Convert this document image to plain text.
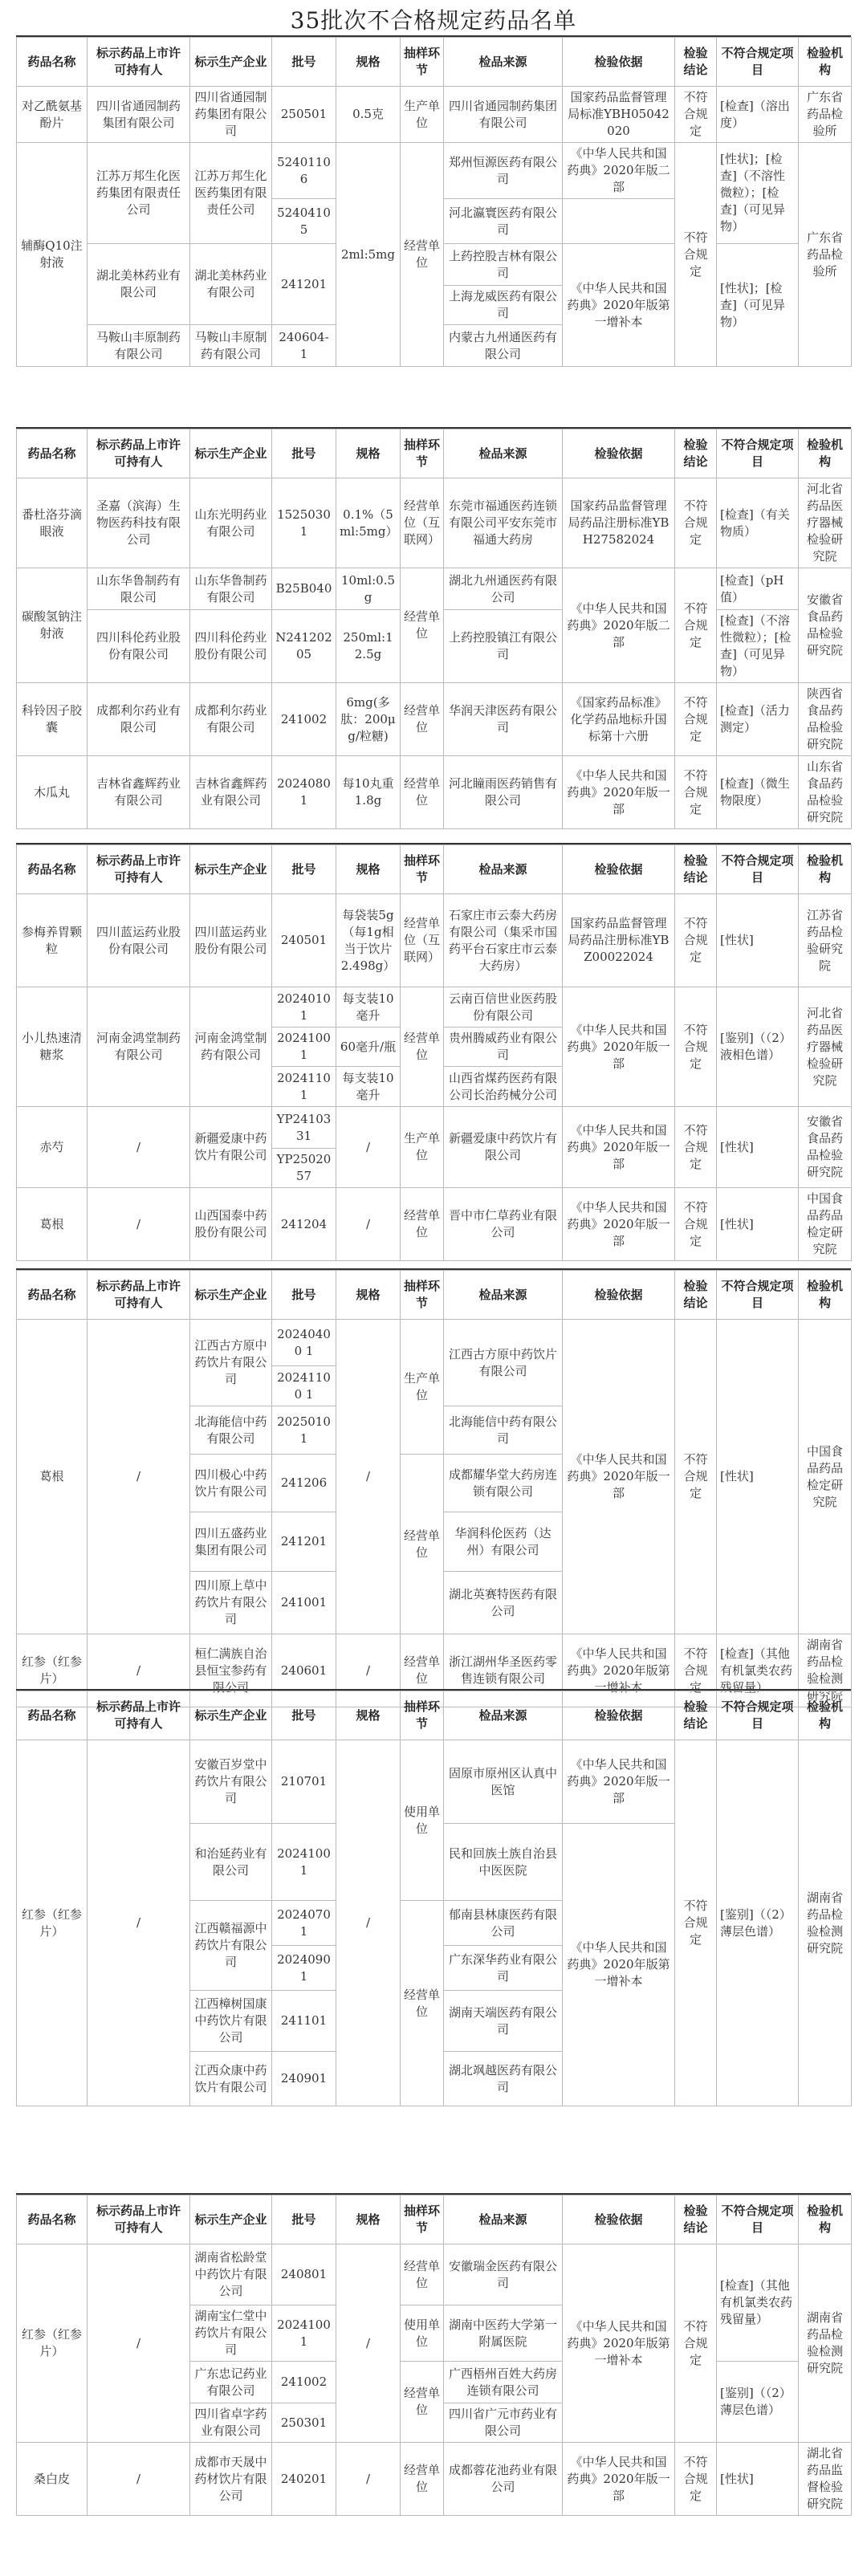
35批次不合格规定药品名单
药品名称	标示药品上市许可持有人	标示生产企业	批号	规格	抽样环节	检品来源	检验依据	检验结论	不符合规定项目	检验机构
对乙酰氨基酚片	四川省通园制药集团有限公司	四川省通园制药集团有限公司	250501	0.5克	生产单位	四川省通园制药集团有限公司	国家药品监督管理局标准YBH05042020	不符合规定	[检查]（溶出度）	广东省药品检验所
辅酶Q10注射液	江苏万邦生化医药集团有限责任公司	江苏万邦生化医药集团有限责任公司	52401106	2ml:5mg	经营单位	郑州恒源医药有限公司	《中华人民共和国药典》2020年版二部	不符合规定	[性状]；[检查]（不溶性微粒）；[检查]（可见异物）	广东省药品检验所
			52404105			河北瀛寰医药有限公司				
	湖北美林药业有限公司	湖北美林药业有限公司	241201			上药控股吉林有限公司	《中华人民共和国药典》2020年版第一增补本		[性状]；[检查]（可见异物）	
						上海龙威医药有限公司				
	马鞍山丰原制药有限公司	马鞍山丰原制药有限公司	240604-1			内蒙古九州通医药有限公司				
药品名称	标示药品上市许可持有人	标示生产企业	批号	规格	抽样环节	检品来源	检验依据	检验结论	不符合规定项目	检验机构
番杜洛芬滴眼液	圣嘉（滨海）生物医药科技有限公司	山东光明药业有限公司	15250301	0.1%（5ml:5mg）	经营单位（互联网）	东莞市福通医药连锁有限公司平安东莞市福通大药房	国家药品监督管理局药品注册标准YBH27582024	不符合规定	[检查]（有关物质）	河北省药品医疗器械检验研究院
碳酸氢钠注射液	山东华鲁制药有限公司	山东华鲁制药有限公司	B25B040	10ml:0.5g	经营单位	湖北九州通医药有限公司	《中华人民共和国药典》2020年版二部	不符合规定	[检查]（pH值）	安徽省食品药品检验研究院
	四川科伦药业股份有限公司	四川科伦药业股份有限公司	N24120205	250ml:12.5g		上药控股镇江有限公司			[检查]（不溶性微粒）；[检查]（可见异物）	
科铃因子胶囊	成都利尔药业有限公司	成都利尔药业有限公司	241002	6mg(多肽：200μg/粒糖)	经营单位	华润天津医药有限公司	《国家药品标准》化学药品地标升国标第十六册	不符合规定	[检查]（活力测定）	陕西省食品药品检验研究院
木瓜丸	吉林省鑫辉药业有限公司	吉林省鑫辉药业有限公司	20240801	每10丸重1.8g	经营单位	河北瞳雨医药销售有限公司	《中华人民共和国药典》2020年版一部	不符合规定	[检查]（微生物限度）	山东省食品药品检验研究院
药品名称	标示药品上市许可持有人	标示生产企业	批号	规格	抽样环节	检品来源	检验依据	检验结论	不符合规定项目	检验机构
参梅养胃颗粒	四川蓝运药业股份有限公司	四川蓝运药业股份有限公司	240501	每袋装5g（每1g相当于饮片2.498g）	经营单位（互联网）	石家庄市云泰大药房有限公司（集采市国药平台石家庄市云泰大药房）	国家药品监督管理局药品注册标准YBZ00022024	不符合规定	[性状]	江苏省药品检验研究院
小儿热速清糖浆	河南金鸿堂制药有限公司	河南金鸿堂制药有限公司	20240101	每支装10毫升	经营单位	云南百信世业医药股份有限公司	《中华人民共和国药典》2020年版一部	不符合规定	[鉴别]（（2）液相色谱）	河北省药品医疗器械检验研究院
			20241001	60毫升/瓶		贵州腾威药业有限公司				
			20241101	每支装10毫升		山西省煤药医药有限公司长治药械分公司				
赤芍	/	新疆爱康中药饮片有限公司	YP2410331	/	生产单位	新疆爱康中药饮片有限公司	《中华人民共和国药典》2020年版一部	不符合规定	[性状]	安徽省食品药品检验研究院
			YP2502057							
葛根	/	山西国泰中药股份有限公司	241204	/	经营单位	晋中市仁草药业有限公司	《中华人民共和国药典》2020年版一部	不符合规定	[性状]	中国食品药品检定研究院
药品名称	标示药品上市许可持有人	标示生产企业	批号	规格	抽样环节	检品来源	检验依据	检验结论	不符合规定项目	检验机构
葛根	/	江西古方原中药饮片有限公司	20240400 1	/	生产单位	江西古方原中药饮片有限公司	《中华人民共和国药典》2020年版一部	不符合规定	[性状]	中国食品药品检定研究院
			20241100 1							
		北海能信中药有限公司	20250101			北海能信中药有限公司				
		四川极心中药饮片有限公司	241206		经营单位	成都耀华堂大药房连锁有限公司				
		四川五盛药业集团有限公司	241201			华润科伦医药（达州）有限公司				
		四川原上草中药饮片有限公司	241001			湖北英赛特医药有限公司				
红参（红参片）	/	桓仁满族自治县恒宝参药有限公司	240601	/	经营单位	浙江湖州华圣医药零售连锁有限公司	《中华人民共和国药典》2020年版第一增补本	不符合规定	[检查]（其他有机氯类农药残留量）	湖南省药品检验检测研究院
药品名称	标示药品上市许可持有人	标示生产企业	批号	规格	抽样环节	检品来源	检验依据	检验结论	不符合规定项目	检验机构
红参（红参片）	/	安徽百岁堂中药饮片有限公司	210701	/	使用单位	固原市原州区认真中医馆	《中华人民共和国药典》2020年版一部	不符合规定	[鉴别]（（2）薄层色谱）	湖南省药品检验检测研究院
		和治延药业有限公司	20241001			民和回族土族自治县中医医院	《中华人民共和国药典》2020年版第一增补本			
		江西赣福源中药饮片有限公司	20240701		经营单位	郁南县林康医药有限公司				
			20240901			广东深华药业有限公司				
		江西樟树国康中药饮片有限公司	241101			湖南天端医药有限公司				
		江西众康中药饮片有限公司	240901			湖北飒越医药有限公司				
药品名称	标示药品上市许可持有人	标示生产企业	批号	规格	抽样环节	检品来源	检验依据	检验结论	不符合规定项目	检验机构
红参（红参片）	/	湖南省松龄堂中药饮片有限公司	240801	/	经营单位	安徽瑞金医药有限公司	《中华人民共和国药典》2020年版第一增补本	不符合规定	[检查]（其他有机氯类农药残留量）	湖南省药品检验检测研究院
		湖南宝仁堂中药饮片有限公司	20241001		使用单位	湖南中医药大学第一附属医院				
		广东忠记药业有限公司	241002		经营单位	广西梧州百姓大药房连锁有限公司			[鉴别]（（2）薄层色谱）	
		四川省卓字药业有限公司	250301			四川省广元市药业有限公司				
桑白皮	/	成都市天晟中药材饮片有限公司	240201	/	经营单位	成都蓉花池药业有限公司	《中华人民共和国药典》2020年版一部	不符合规定	[性状]	湖北省药品监督检验研究院
